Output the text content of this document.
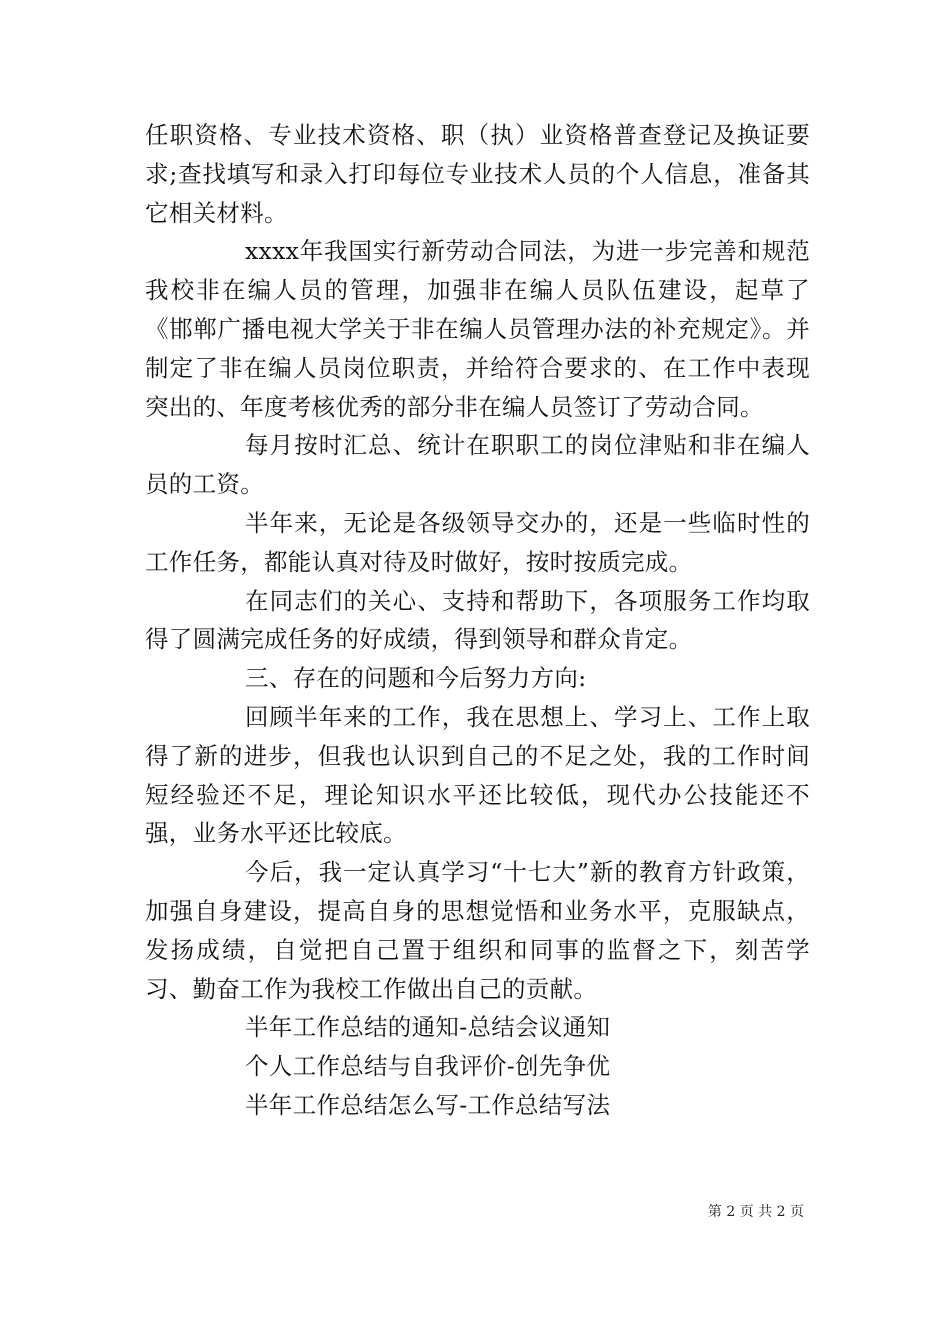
任职资格、专业技术资格、职（执）业资格普查登记及换证要求;查找填写和录入打印每位专业技术人员的个人信息，准备其它相关材料。

xxxx年我国实行新劳动合同法，为进一步完善和规范我校非在编人员的管理，加强非在编人员队伍建设，起草了《邯郸广播电视大学关于非在编人员管理办法的补充规定》。并制定了非在编人员岗位职责，并给符合要求的、在工作中表现突出的、年度考核优秀的部分非在编人员签订了劳动合同。

每月按时汇总、统计在职职工的岗位津贴和非在编人员的工资。

半年来，无论是各级领导交办的，还是一些临时性的工作任务，都能认真对待及时做好，按时按质完成。

在同志们的关心、支持和帮助下，各项服务工作均取得了圆满完成任务的好成绩，得到领导和群众肯定。

三、存在的问题和今后努力方向:

回顾半年来的工作，我在思想上、学习上、工作上取得了新的进步，但我也认识到自己的不足之处，我的工作时间短经验还不足，理论知识水平还比较低，现代办公技能还不强，业务水平还比较底。

今后，我一定认真学习“十七大”新的教育方针政策，加强自身建设，提高自身的思想觉悟和业务水平，克服缺点，发扬成绩，自觉把自己置于组织和同事的监督之下，刻苦学习、勤奋工作为我校工作做出自己的贡献。

半年工作总结的通知-总结会议通知

个人工作总结与自我评价-创先争优

半年工作总结怎么写-工作总结写法

第 2 页 共 2 页
